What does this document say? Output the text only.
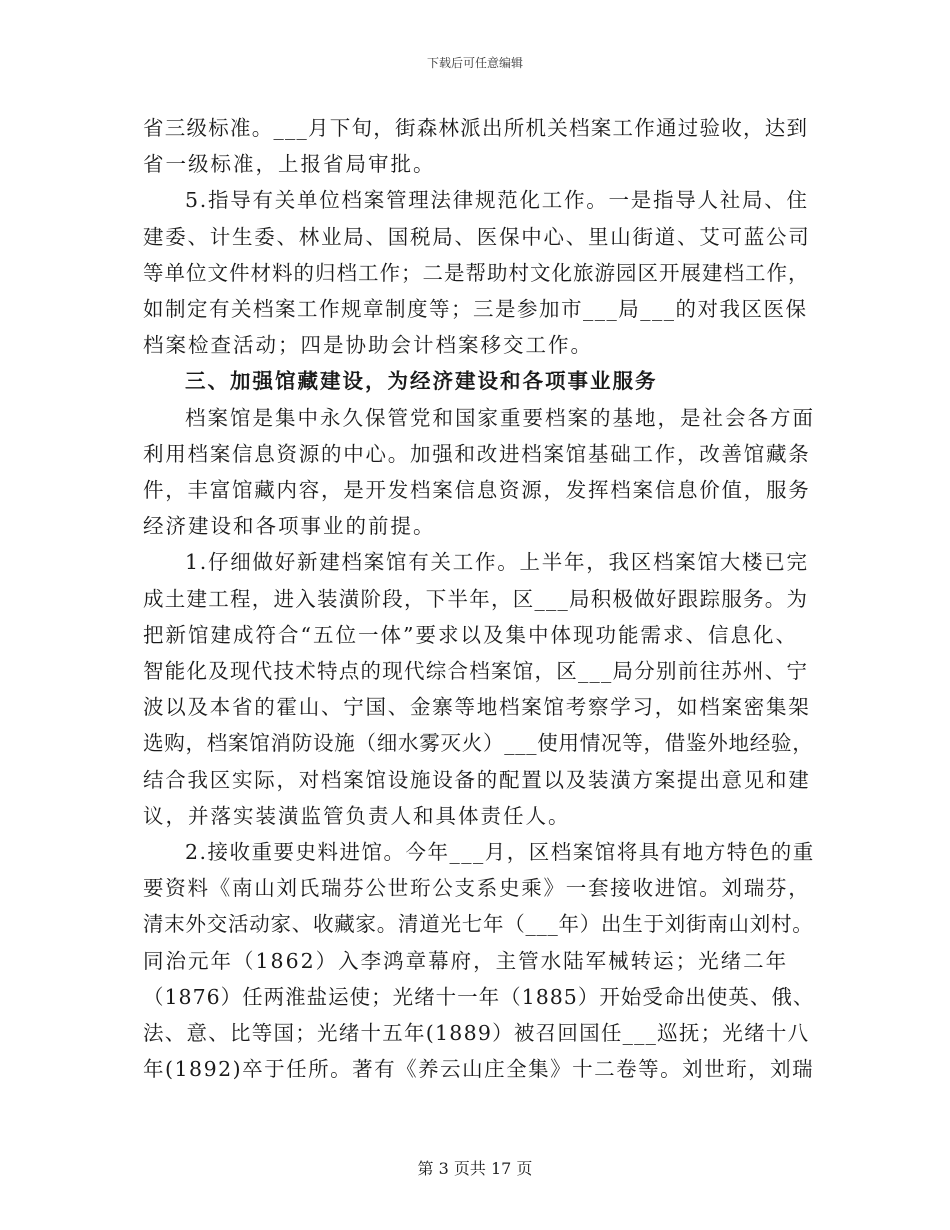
下载后可任意编辑
省三级标准。___月下旬，街森林派出所机关档案工作通过验收，达到
省一级标准，上报省局审批。
5.指导有关单位档案管理法律规范化工作。一是指导人社局、住
建委、计生委、林业局、国税局、医保中心、里山街道、艾可蓝公司
等单位文件材料的归档工作；二是帮助村文化旅游园区开展建档工作，
如制定有关档案工作规章制度等；三是参加市___局___的对我区医保
档案检查活动；四是协助会计档案移交工作。
三、加强馆藏建设，为经济建设和各项事业服务
档案馆是集中永久保管党和国家重要档案的基地，是社会各方面
利用档案信息资源的中心。加强和改进档案馆基础工作，改善馆藏条
件，丰富馆藏内容，是开发档案信息资源，发挥档案信息价值，服务
经济建设和各项事业的前提。
1.仔细做好新建档案馆有关工作。上半年，我区档案馆大楼已完
成土建工程，进入装潢阶段，下半年，区___局积极做好跟踪服务。为
把新馆建成符合“五位一体”要求以及集中体现功能需求、信息化、
智能化及现代技术特点的现代综合档案馆，区___局分别前往苏州、宁
波以及本省的霍山、宁国、金寨等地档案馆考察学习，如档案密集架
选购，档案馆消防设施（细水雾灭火）___使用情况等，借鉴外地经验，
结合我区实际，对档案馆设施设备的配置以及装潢方案提出意见和建
议，并落实装潢监管负责人和具体责任人。
2.接收重要史料进馆。今年___月，区档案馆将具有地方特色的重
要资料《南山刘氏瑞芬公世珩公支系史乘》一套接收进馆。刘瑞芬，
清末外交活动家、收藏家。清道光七年（___年）出生于刘街南山刘村。
同治元年（1862）入李鸿章幕府，主管水陆军械转运；光绪二年
（1876）任两淮盐运使；光绪十一年（1885）开始受命出使英、俄、
法、意、比等国；光绪十五年(1889）被召回国任___巡抚；光绪十八
年(1892)卒于任所。著有《养云山庄全集》十二卷等。刘世珩，刘瑞
第 3 页共 17 页
